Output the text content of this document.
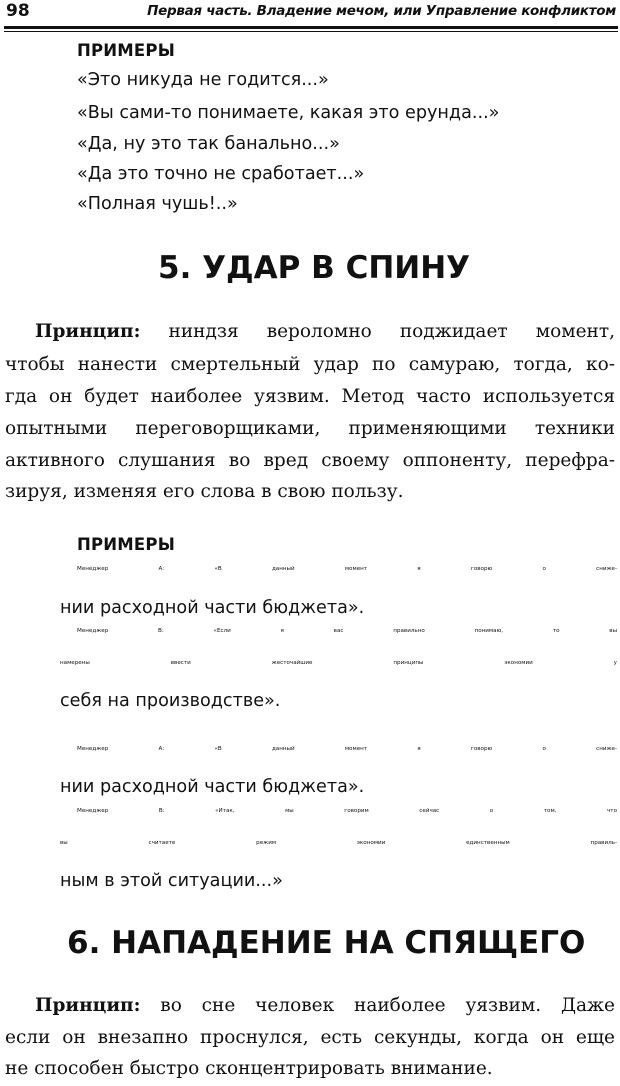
98	Первая часть. Владение мечом, или Управление конфликтом
ПРИМЕРЫ
«Это никуда не годится...»
«Вы сами-то понимаете, какая это ерунда...»
«Да, ну это так банально...»
«Да это точно не сработает...»
«Полная чушь!..»
5. УДАР В СПИНУ
Принцип: ниндзя вероломно поджидает момент,
чтобы нанести смертельный удар по самураю, тогда, ко-
гда он будет наиболее уязвим. Метод часто используется
опытными переговорщиками, применяющими техники
активного слушания во вред своему оппоненту, перефра-
зируя, изменяя его слова в свою пользу.
ПРИМЕРЫ
Менеджер А: «В данный момент я говорю о сниже-
нии расходной части бюджета».
Менеджер В: «Если я вас правильно понимаю, то вы
намерены ввести жесточайшие принципы экономии у
себя на производстве».
Менеджер А: «В данный момент я говорю о сниже-
нии расходной части бюджета».
Менеджер В: «Итак, мы говорим сейчас о том, что
вы считаете режим экономии единственным правиль-
ным в этой ситуации...»
6. НАПАДЕНИЕ НА СПЯЩЕГО
Принцип: во сне человек наиболее уязвим. Даже
если он внезапно проснулся, есть секунды, когда он еще
не способен быстро сконцентрировать внимание.
